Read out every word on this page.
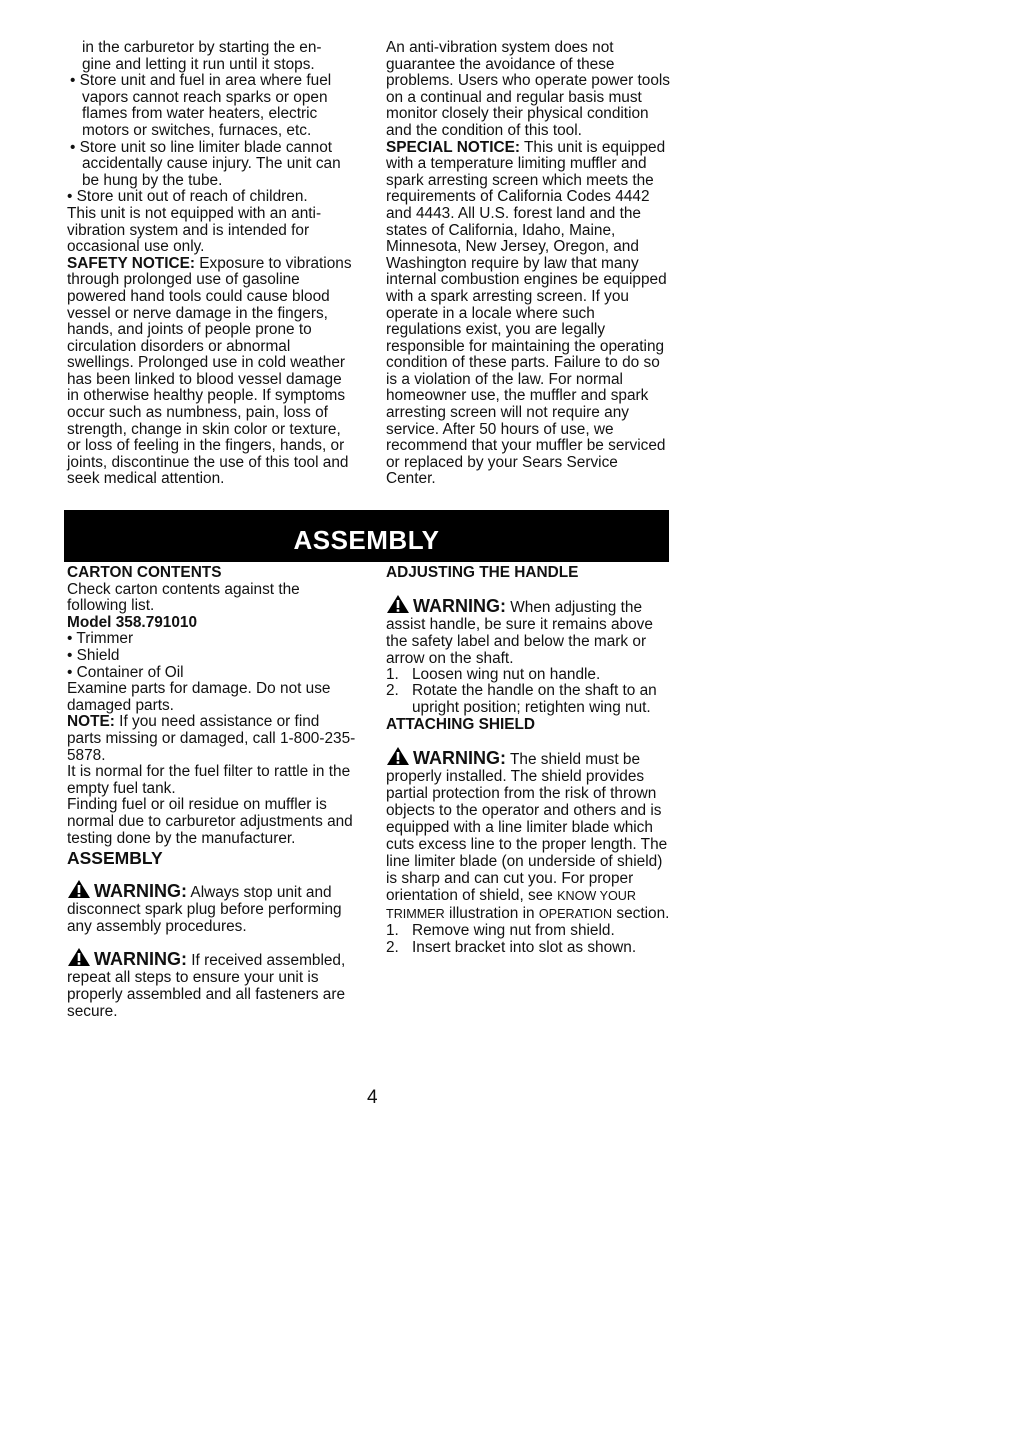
in the carburetor by starting the en-

gine and letting it run until it stops.

• Store unit and fuel in area where fuel vapors cannot reach sparks or open flames from water heaters, electric motors or switches, furnaces, etc.

• Store unit so line limiter blade cannot accidentally cause injury. The unit can be hung by the tube.

• Store unit out of reach of children.

This unit is not equipped with an anti-vibration system and is intended for occasional use only.

SAFETY NOTICE: Exposure to vibrations through prolonged use of gasoline powered hand tools could cause blood vessel or nerve damage in the fingers, hands, and joints of people prone to circulation disorders or abnormal swellings. Prolonged use in cold weather has been linked to blood vessel damage in otherwise healthy people. If symptoms occur such as numbness, pain, loss of strength, change in skin color or texture, or loss of feeling in the fingers, hands, or joints, discontinue the use of this tool and seek medical attention.

An anti-vibration system does not guarantee the avoidance of these problems. Users who operate power tools on a continual and regular basis must monitor closely their physical condition and the condition of this tool.

SPECIAL NOTICE: This unit is equipped with a temperature limiting muffler and spark arresting screen which meets the requirements of California Codes 4442 and 4443. All U.S. forest land and the states of California, Idaho, Maine, Minnesota, New Jersey, Oregon, and Washington require by law that many internal combustion engines be equipped with a spark arresting screen. If you operate in a locale where such regulations exist, you are legally responsible for maintaining the operating condition of these parts. Failure to do so is a violation of the law. For normal homeowner use, the muffler and spark arresting screen will not require any service. After 50 hours of use, we recommend that your muffler be serviced or replaced by your Sears Service Center.

ASSEMBLY

CARTON CONTENTS

Check carton contents against the following list.

Model 358.791010

• Trimmer

• Shield

• Container of Oil

Examine parts for damage. Do not use damaged parts.

NOTE: If you need assistance or find parts missing or damaged, call 1-800-235-5878.

It is normal for the fuel filter to rattle in the empty fuel tank.

Finding fuel or oil residue on muffler is normal due to carburetor adjustments and testing done by the manufacturer.

ASSEMBLY

WARNING: Always stop unit and disconnect spark plug before performing any assembly procedures.

WARNING: If received assembled, repeat all steps to ensure your unit is properly assembled and all fasteners are secure.

ADJUSTING THE HANDLE

WARNING: When adjusting the assist handle, be sure it remains above the safety label and below the mark or arrow on the shaft.

1. Loosen wing nut on handle.

2. Rotate the handle on the shaft to an upright position; retighten wing nut.

ATTACHING SHIELD

WARNING: The shield must be properly installed. The shield provides partial protection from the risk of thrown objects to the operator and others and is equipped with a line limiter blade which cuts excess line to the proper length. The line limiter blade (on underside of shield) is sharp and can cut you. For proper orientation of shield, see KNOW YOUR TRIMMER illustration in OPERATION section.

1. Remove wing nut from shield.

2. Insert bracket into slot as shown.

4
